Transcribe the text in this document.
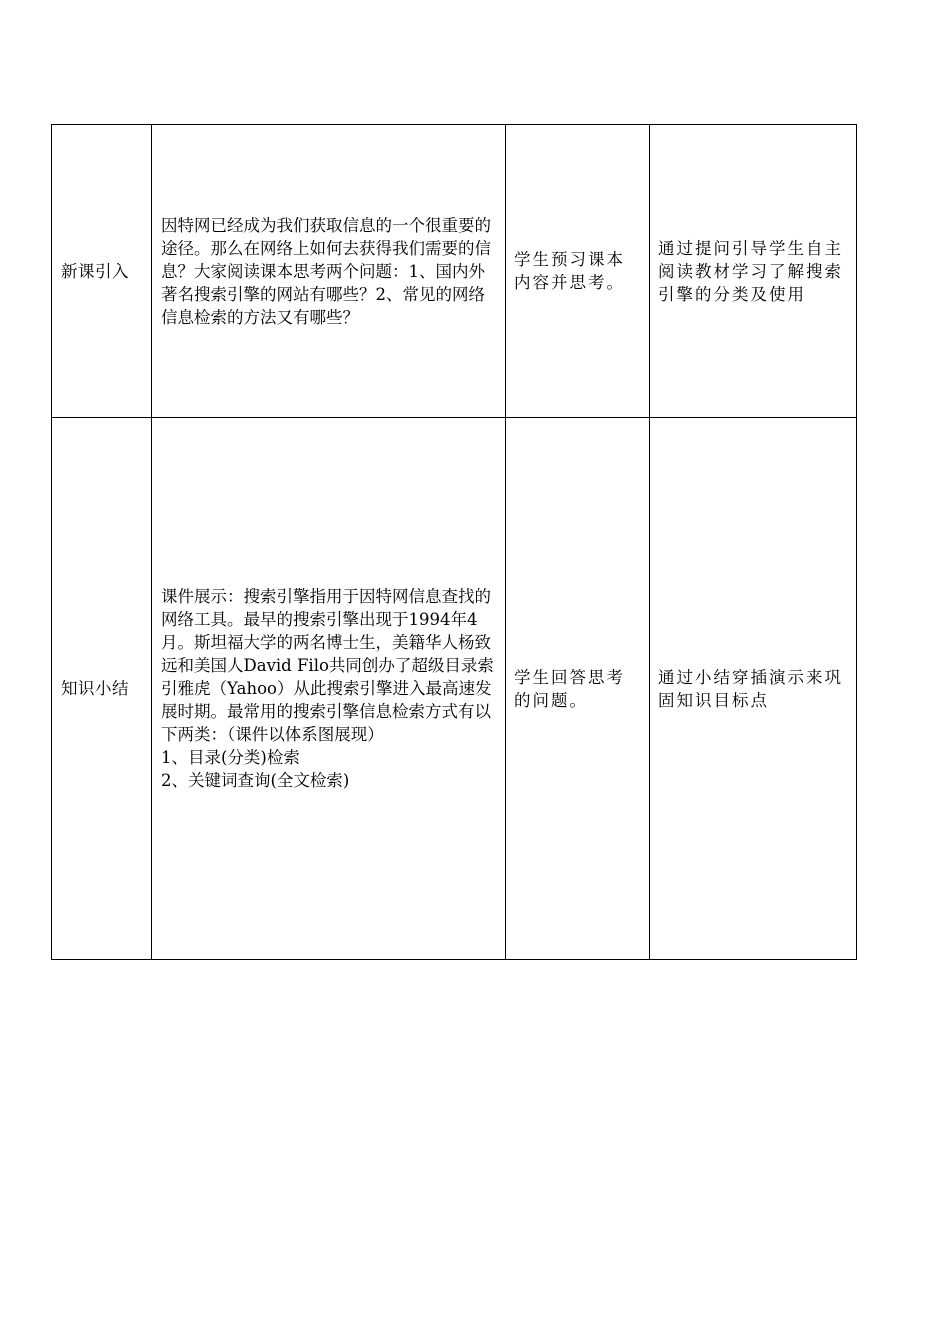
新课引入	因特网已经成为我们获取信息的一个很重要的途径。那么在网络上如何去获得我们需要的信息？大家阅读课本思考两个问题：1、国内外著名搜索引擎的网站有哪些？2、常见的网络信息检索的方法又有哪些？	学生预习课本内容并思考。	通过提问引导学生自主阅读教材学习了解搜索引擎的分类及使用
知识小结	课件展示：搜索引擎指用于因特网信息查找的网络工具。最早的搜索引擎出现于1994年4月。斯坦福大学的两名博士生，美籍华人杨致远和美国人David Filo共同创办了超级目录索引雅虎（Yahoo）从此搜索引擎进入最高速发展时期。最常用的搜索引擎信息检索方式有以下两类：（课件以体系图展现）
1、目录(分类)检索
2、关键词查询(全文检索)	学生回答思考的问题。	通过小结穿插演示来巩固知识目标点
